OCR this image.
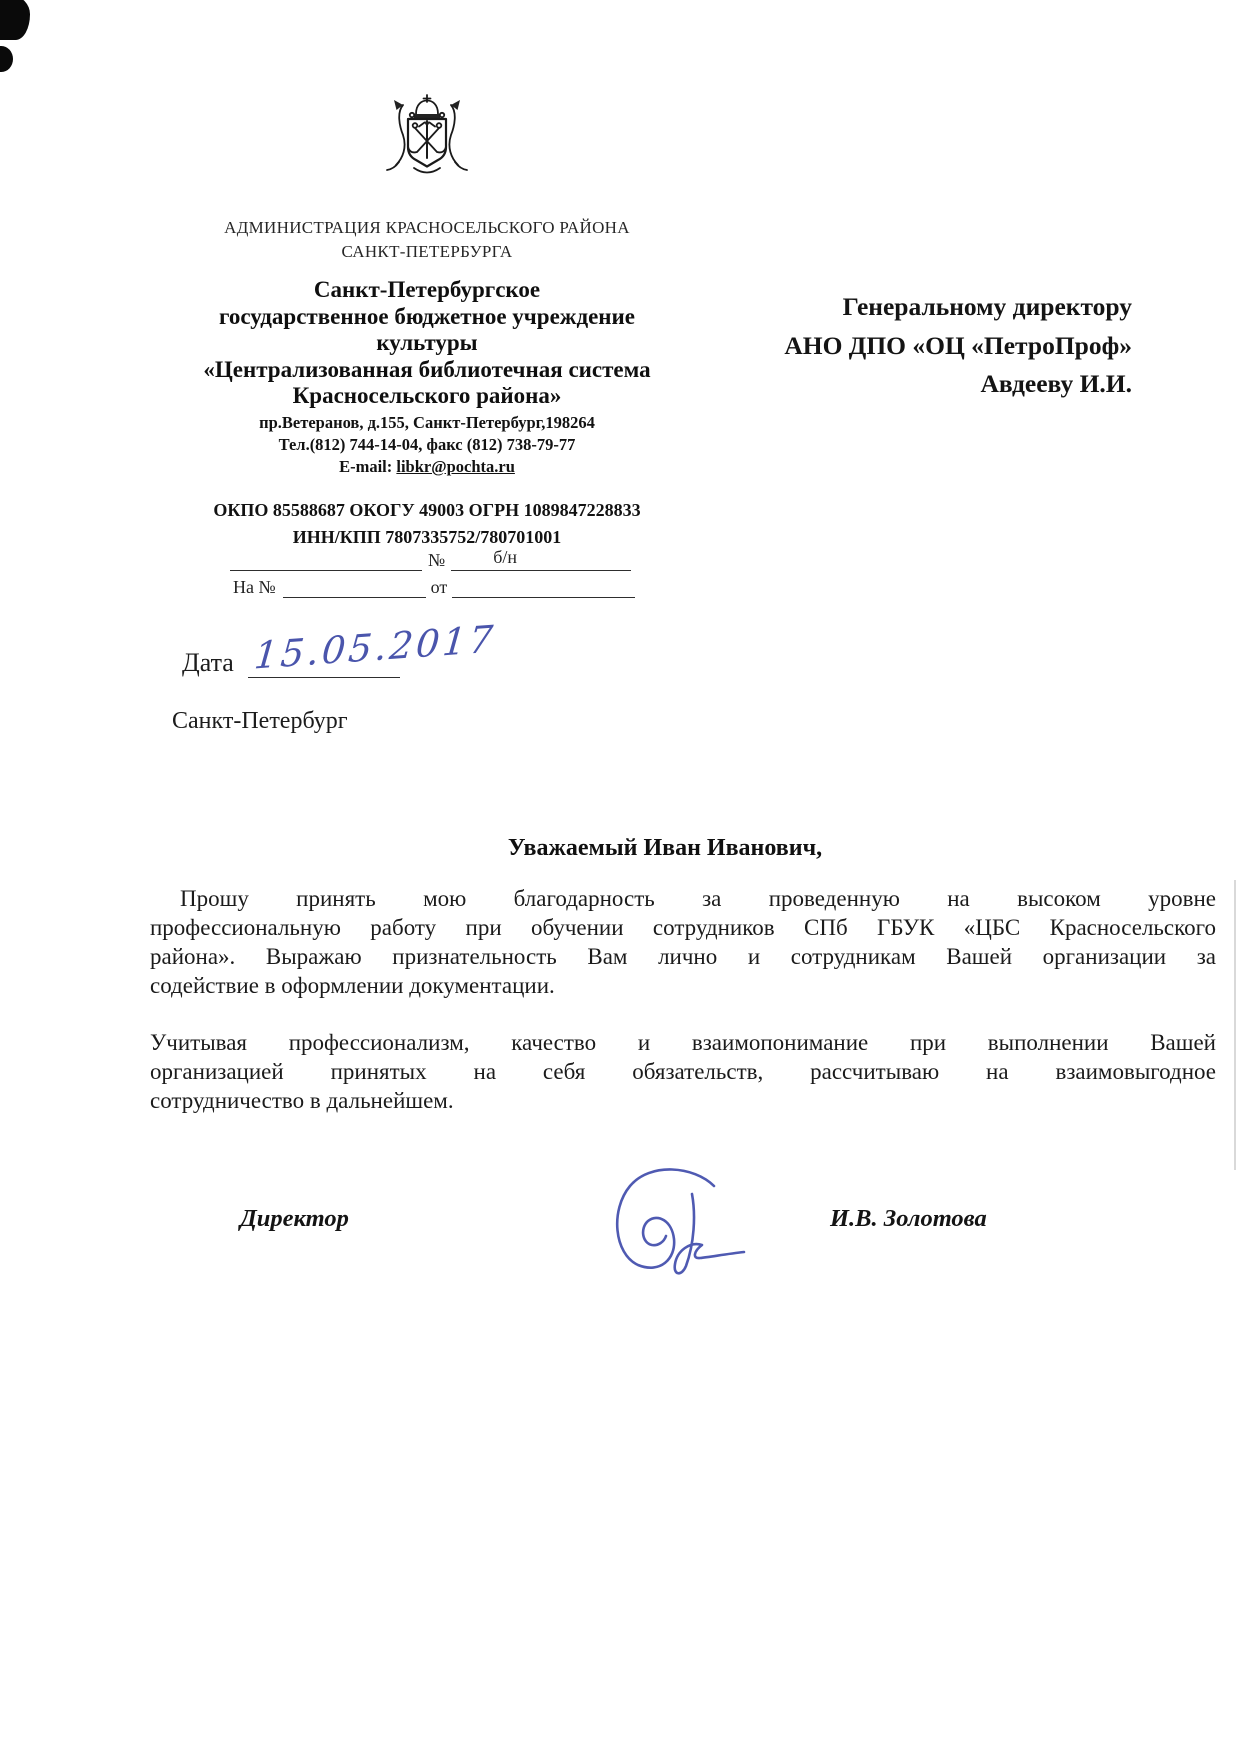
АДМИНИСТРАЦИЯ КРАСНОСЕЛЬСКОГО РАЙОНА
САНКТ-ПЕТЕРБУРГА
Санкт-Петербургское
государственное бюджетное учреждение
культуры
«Централизованная библиотечная система
Красносельского района»
пр.Ветеранов, д.155, Санкт-Петербург,198264
Тел.(812) 744-14-04, факс (812) 738-79-77
E-mail: libkr@pochta.ru
ОКПО 85588687 ОКОГУ 49003 ОГРН 1089847228833
ИНН/КПП 7807335752/780701001
№	б/н
На №	от
Генеральному директору
АНО ДПО «ОЦ «ПетроПроф»
Авдееву И.И.
Дата 15.05.2017
Санкт-Петербург
Уважаемый Иван Иванович,
Прошу принять мою благодарность за проведенную на высоком уровне
профессиональную работу при обучении сотрудников СПб ГБУК «ЦБС Красносельского
района». Выражаю признательность Вам лично и сотрудникам Вашей организации за
содействие в оформлении документации.
Учитывая профессионализм, качество и взаимопонимание при выполнении Вашей
организацией принятых на себя обязательств, рассчитываю на взаимовыгодное
сотрудничество в дальнейшем.
Директор	И.В. Золотова
